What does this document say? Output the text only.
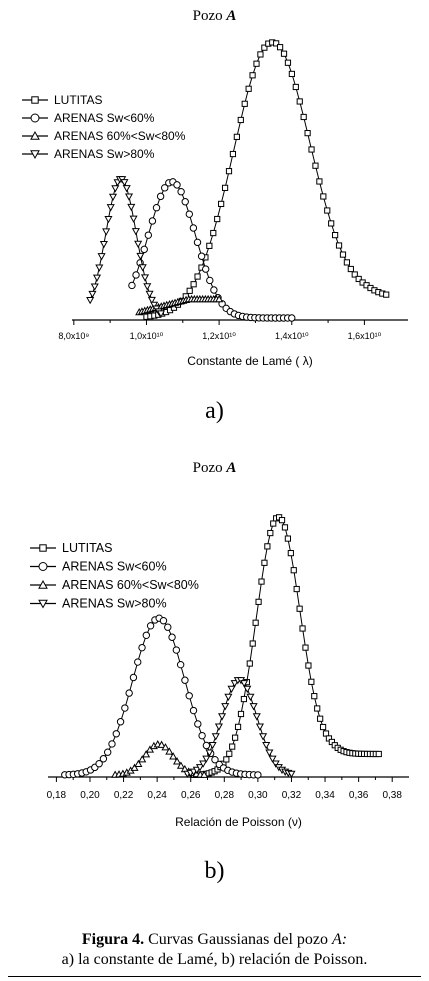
Pozo A
8,0x10⁹	1,0x10¹⁰	1,2x10¹⁰	1,4x10¹⁰	1,6x10¹⁰
Constante de Lamé ( λ)
LUTITAS
ARENAS Sw<60%
ARENAS 60%<Sw<80%
ARENAS Sw>80%
a)
Pozo A
0,18 0,20 0,22 0,24 0,26 0,28 0,30 0,32 0,34 0,36 0,38
Relación de Poisson (ν)
LUTITAS
ARENAS Sw<60%
ARENAS 60%<Sw<80%
ARENAS Sw>80%
b)
Figura 4. Curvas Gaussianas del pozo A:
a) la constante de Lamé, b) relación de Poisson.
